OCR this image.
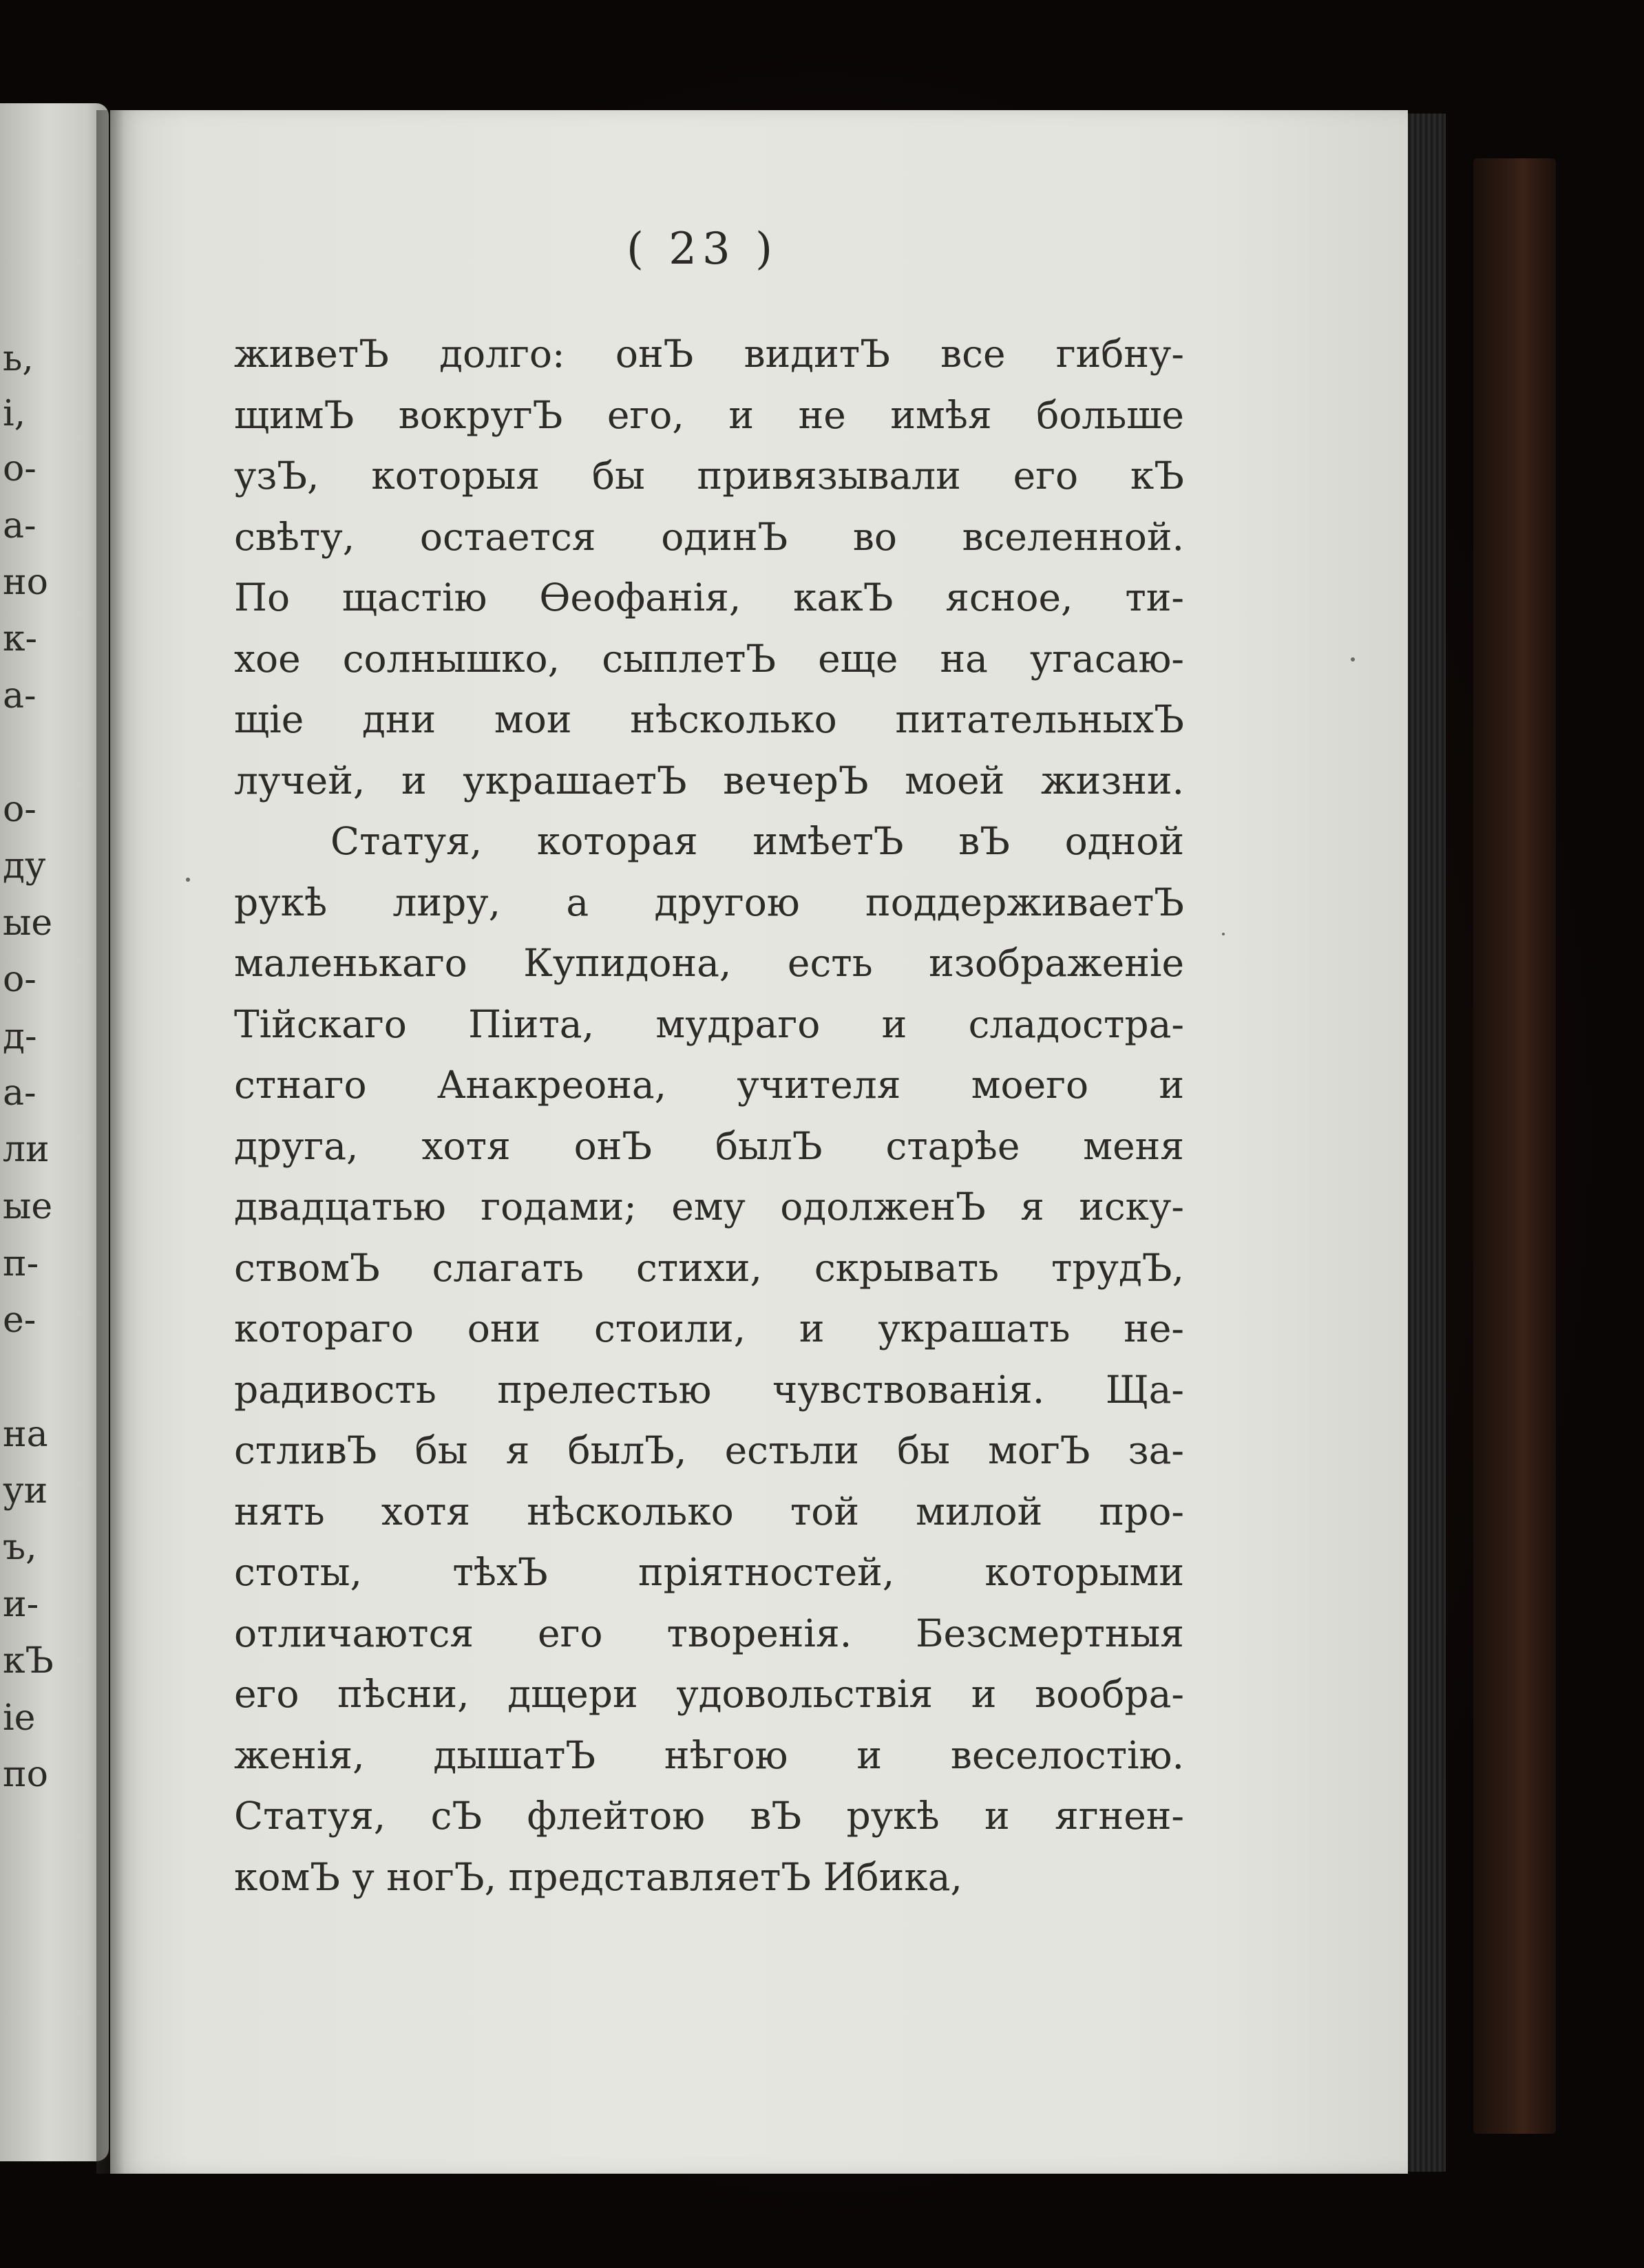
ь,
і,
о-
а-
но
к-
а-
о-
ду
ые
о-
д-
а-
ли
ые
п-
е-
на
уи
ъ,
и-
кЪ
іе
по
( 23 )
живетЪ долго: онЪ видитЪ все гибну-
щимЪ вокругЪ его, и не имѣя больше
узЪ, которыя бы привязывали его кЪ
свѣту, остается одинЪ во вселенной.
По щастію Ѳеофанія, какЪ ясное, ти-
хое солнышко, сыплетЪ еще на угасаю-
щіе дни мои нѣсколько питательныхЪ
лучей, и украшаетЪ вечерЪ моей жизни.
Статуя, которая имѣетЪ вЪ одной
рукѣ лиру, а другою поддерживаетЪ
маленькаго Купидона, есть изображеніе
Тійскаго Піита, мудраго и сладостра-
стнаго Анакреона, учителя моего и
друга, хотя онЪ былЪ старѣе меня
двадцатью годами; ему одолженЪ я иску-
ствомЪ слагать стихи, скрывать трудЪ,
котораго они стоили, и украшать не-
радивость прелестью чувствованія. Ща-
стливЪ бы я былЪ, естьли бы могЪ за-
нять хотя нѣсколько той милой про-
стоты, тѣхЪ пріятностей, которыми
отличаются его творенія. Безсмертныя
его пѣсни, дщери удовольствія и вообра-
женія, дышатЪ нѣгою и веселостію.
Статуя, сЪ флейтою вЪ рукѣ и ягнен-
комЪ у ногЪ, представляетЪ Ибика,
